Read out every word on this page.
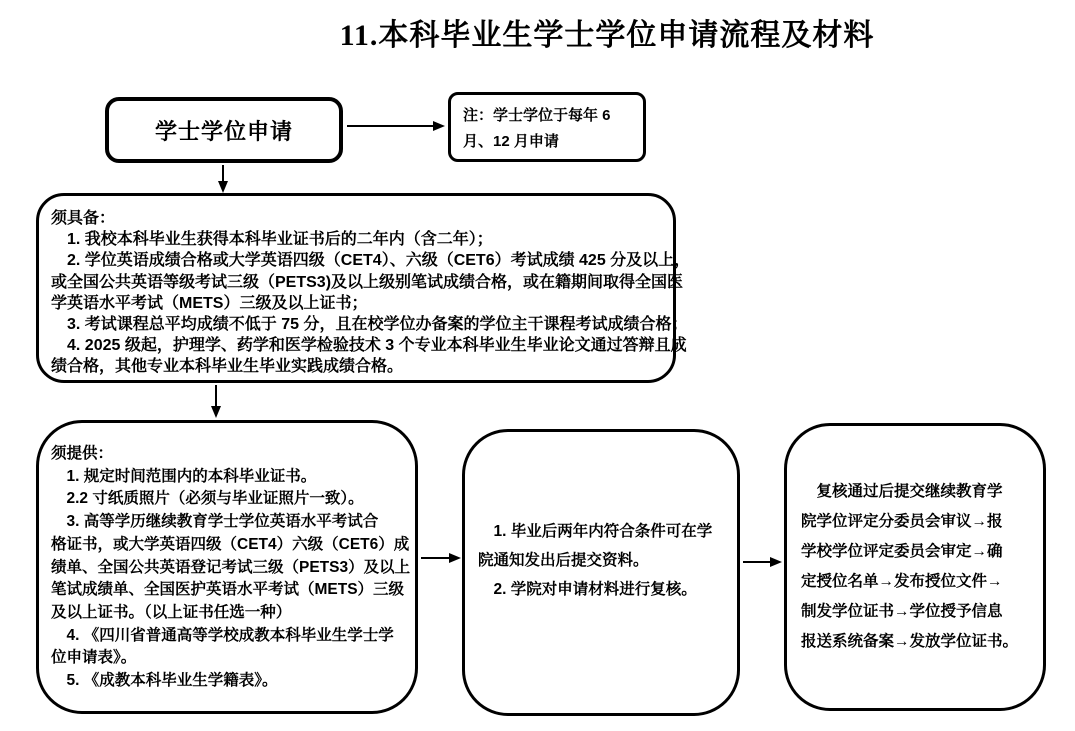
11.本科毕业生学士学位申请流程及材料
学士学位申请
注：学士学位于每年 6
月、12 月申请
须具备：
　1. 我校本科毕业生获得本科毕业证书后的二年内（含二年）；
　2. 学位英语成绩合格或大学英语四级（CET4）、六级（CET6）考试成绩 425 分及以上，
或全国公共英语等级考试三级（PETS3)及以上级别笔试成绩合格，或在籍期间取得全国医
学英语水平考试（METS）三级及以上证书；
　3. 考试课程总平均成绩不低于 75 分，且在校学位办备案的学位主干课程考试成绩合格；
　4. 2025 级起，护理学、药学和医学检验技术 3 个专业本科毕业生毕业论文通过答辩且成
绩合格，其他专业本科毕业生毕业实践成绩合格。
须提供：
　1. 规定时间范围内的本科毕业证书。
　2.2 寸纸质照片（必须与毕业证照片一致）。
　3. 高等学历继续教育学士学位英语水平考试合
格证书，或大学英语四级（CET4）六级（CET6）成
绩单、全国公共英语登记考试三级（PETS3）及以上
笔试成绩单、全国医护英语水平考试（METS）三级
及以上证书。（以上证书任选一种）
　4. 《四川省普通高等学校成教本科毕业生学士学
位申请表》。
　5. 《成教本科毕业生学籍表》。
　1. 毕业后两年内符合条件可在学
院通知发出后提交资料。
　2. 学院对申请材料进行复核。
　复核通过后提交继续教育学
院学位评定分委员会审议→报
学校学位评定委员会审定→确
定授位名单→发布授位文件→
制发学位证书→学位授予信息
报送系统备案→发放学位证书。
